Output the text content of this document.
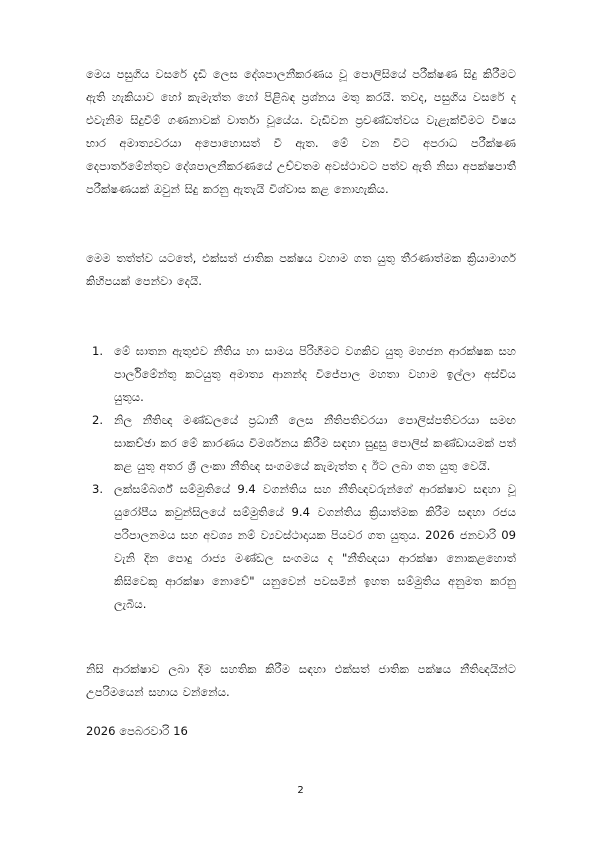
මෙය පසුගිය වසරේ දැඩි ලෙස දේශපාලනීකරණය වූ පොලිසියේ පරීක්ෂණ සිදු කිරීමට ඇති හැකියාව හෝ කැමැත්ත හෝ පිළිබඳ ප්‍රශ්නය මතු කරයි. තවද, පසුගිය වසරේ ද එවැනිම සිදුවීම් ගණනාවක් වාර්තා වූයේය. වැඩිවන ප්‍රචණ්ඩත්වය වැළැක්වීමට විෂය භාර අමාත්‍යවරයා අපොහොසත් වී ඇත. මේ වන විට අපරාධ පරීක්ෂණ දෙපාර්තමේන්තුව දේශපාලනීකරණයේ උච්චතම අවස්ථාවට පත්ව ඇති නිසා අපක්ෂපාතී පරීක්ෂණයක් ඔවුන් සිදු කරනු ඇතැයි විශ්වාස කළ නොහැකිය.

මෙම තත්ත්ව යටතේ, එක්සත් ජාතික පක්ෂය වහාම ගත යුතු තීරණාත්මක ක්‍රියාමාර්ග කිහිපයක් පෙන්වා දෙයි.

1. මේ ඝාතන ඇතුළුව නීතිය හා සාමය පිරිහීමට වගකිව යුතු මහජන ආරක්ෂක සහ පාර්ලිමේන්තු කටයුතු අමාත්‍ය ආනන්ද විජේපාල මහතා වහාම ඉල්ලා අස්විය යුතුය.
2. නිල නීතිඥ මණ්ඩලයේ ප්‍රධානී ලෙස නීතිපතිවරයා පොලිස්පතිවරයා සමඟ සාකච්ඡා කර මේ කාරණය විමර්ශනය කිරීම සඳහා සුදුසු පොලිස් කණ්ඩායමක් පත් කළ යුතු අතර ශ්‍රී ලංකා නීතිඥ සංගමයේ කැමැත්ත ද ඊට ලබා ගත යුතු වෙයි.
3. ලක්සම්බර්ග් සම්මුතියේ 9.4 වගන්තිය සහ නීතිඥවරුන්ගේ ආරක්ෂාව සඳහා වූ යුරෝපීය කවුන්සිලයේ සම්මුතියේ 9.4 වගන්තිය ක්‍රියාත්මක කිරීම සඳහා රජය පරිපාලනමය සහ අවශ්‍ය නම් ව්‍යවස්ථාදායක පියවර ගත යුතුය. 2026 ජනවාරි 09 වැනි දින පොදු රාජ්‍ය මණ්ඩල සංගමය ද "නීතිඥයා ආරක්ෂා නොකළහොත් කිසිවෙකු ආරක්ෂා නොවේ" යනුවෙන් පවසමින් ඉහත සම්මුතිය අනුමත කරනු ලැබීය.

නිසි ආරක්ෂාව ලබා දීම සහතික කිරීම සඳහා එක්සත් ජාතික පක්ෂය නීතිඥයින්ට උපරිමයෙන් සහාය වන්නේය.

2026 පෙබරවාරි 16

2
